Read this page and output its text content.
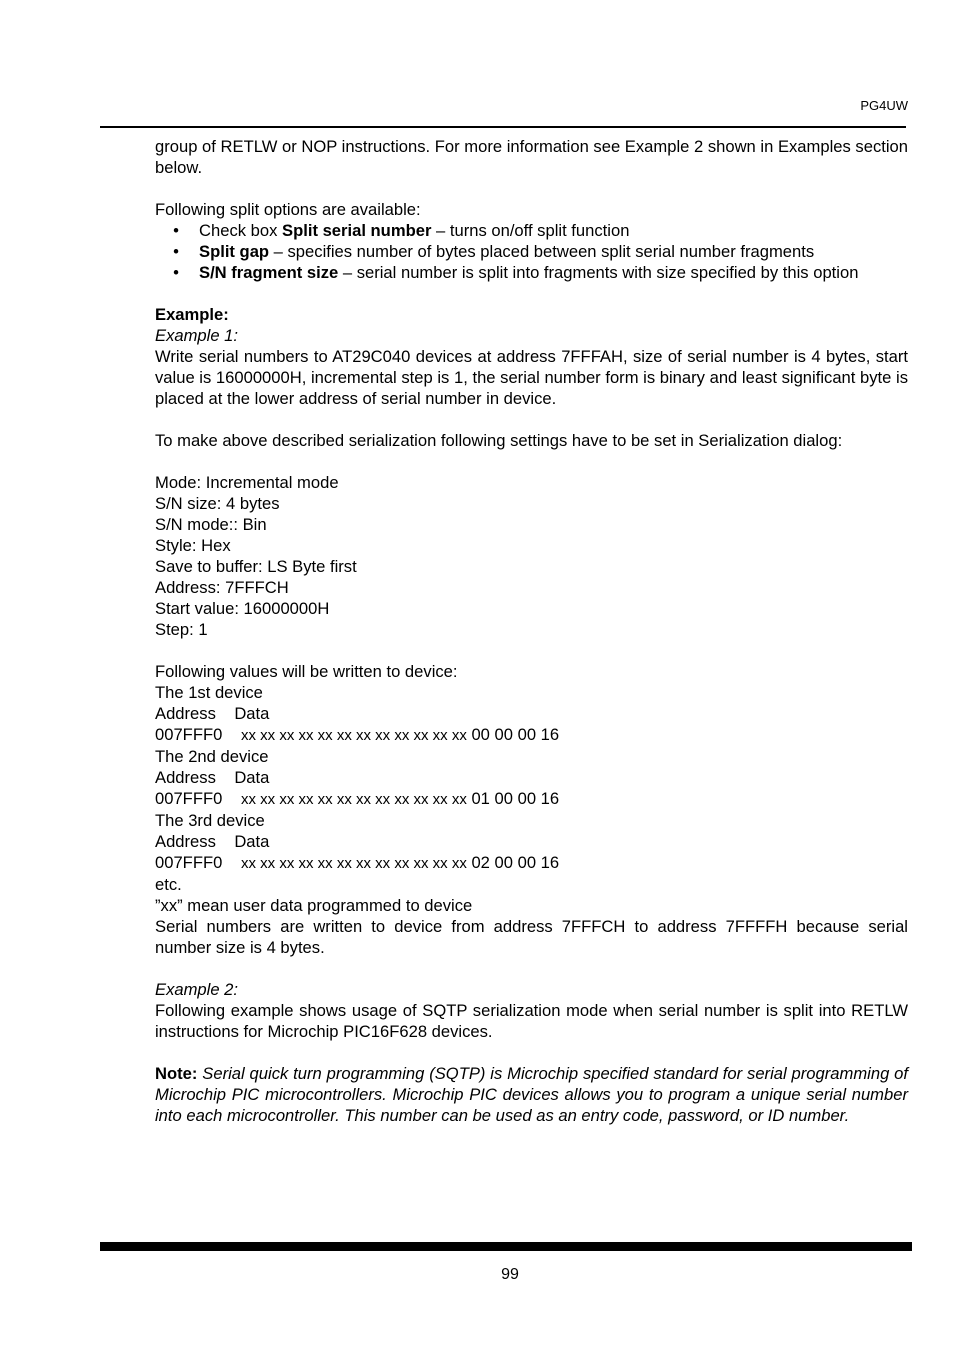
PG4UW

group of RETLW or NOP instructions. For more information see Example 2 shown in Examples section below.

Following split options are available:

• Check box Split serial number – turns on/off split function
• Split gap – specifies number of bytes placed between split serial number fragments
• S/N fragment size – serial number is split into fragments with size specified by this option

Example:

Example 1:

Write serial numbers to AT29C040 devices at address 7FFFAH, size of serial number is 4 bytes, start value is 16000000H, incremental step is 1, the serial number form is binary and least significant byte is placed at the lower address of serial number in device.

To make above described serialization following settings have to be set in Serialization dialog:

Mode: Incremental mode

S/N size: 4 bytes

S/N mode:: Bin

Style: Hex

Save to buffer: LS Byte first

Address: 7FFFCH

Start value: 16000000H

Step: 1

Following values will be written to device:

The 1st device

Address    Data

007FFF0 xx xx xx xx xx xx xx xx xx xx xx xx 00 00 00 16

The 2nd device

Address    Data

007FFF0 xx xx xx xx xx xx xx xx xx xx xx xx 01 00 00 16

The 3rd device

Address    Data

007FFF0 xx xx xx xx xx xx xx xx xx xx xx xx 02 00 00 16

etc.

”xx” mean user data programmed to device

Serial numbers are written to device from address 7FFFCH to address 7FFFFH because serial number size is 4 bytes.

Example 2:

Following example shows usage of SQTP serialization mode when serial number is split into RETLW instructions for Microchip PIC16F628 devices.

Note: Serial quick turn programming (SQTP) is Microchip specified standard for serial programming of Microchip PIC microcontrollers. Microchip PIC devices allows you to program a unique serial number into each microcontroller. This number can be used as an entry code, password, or ID number.

99
